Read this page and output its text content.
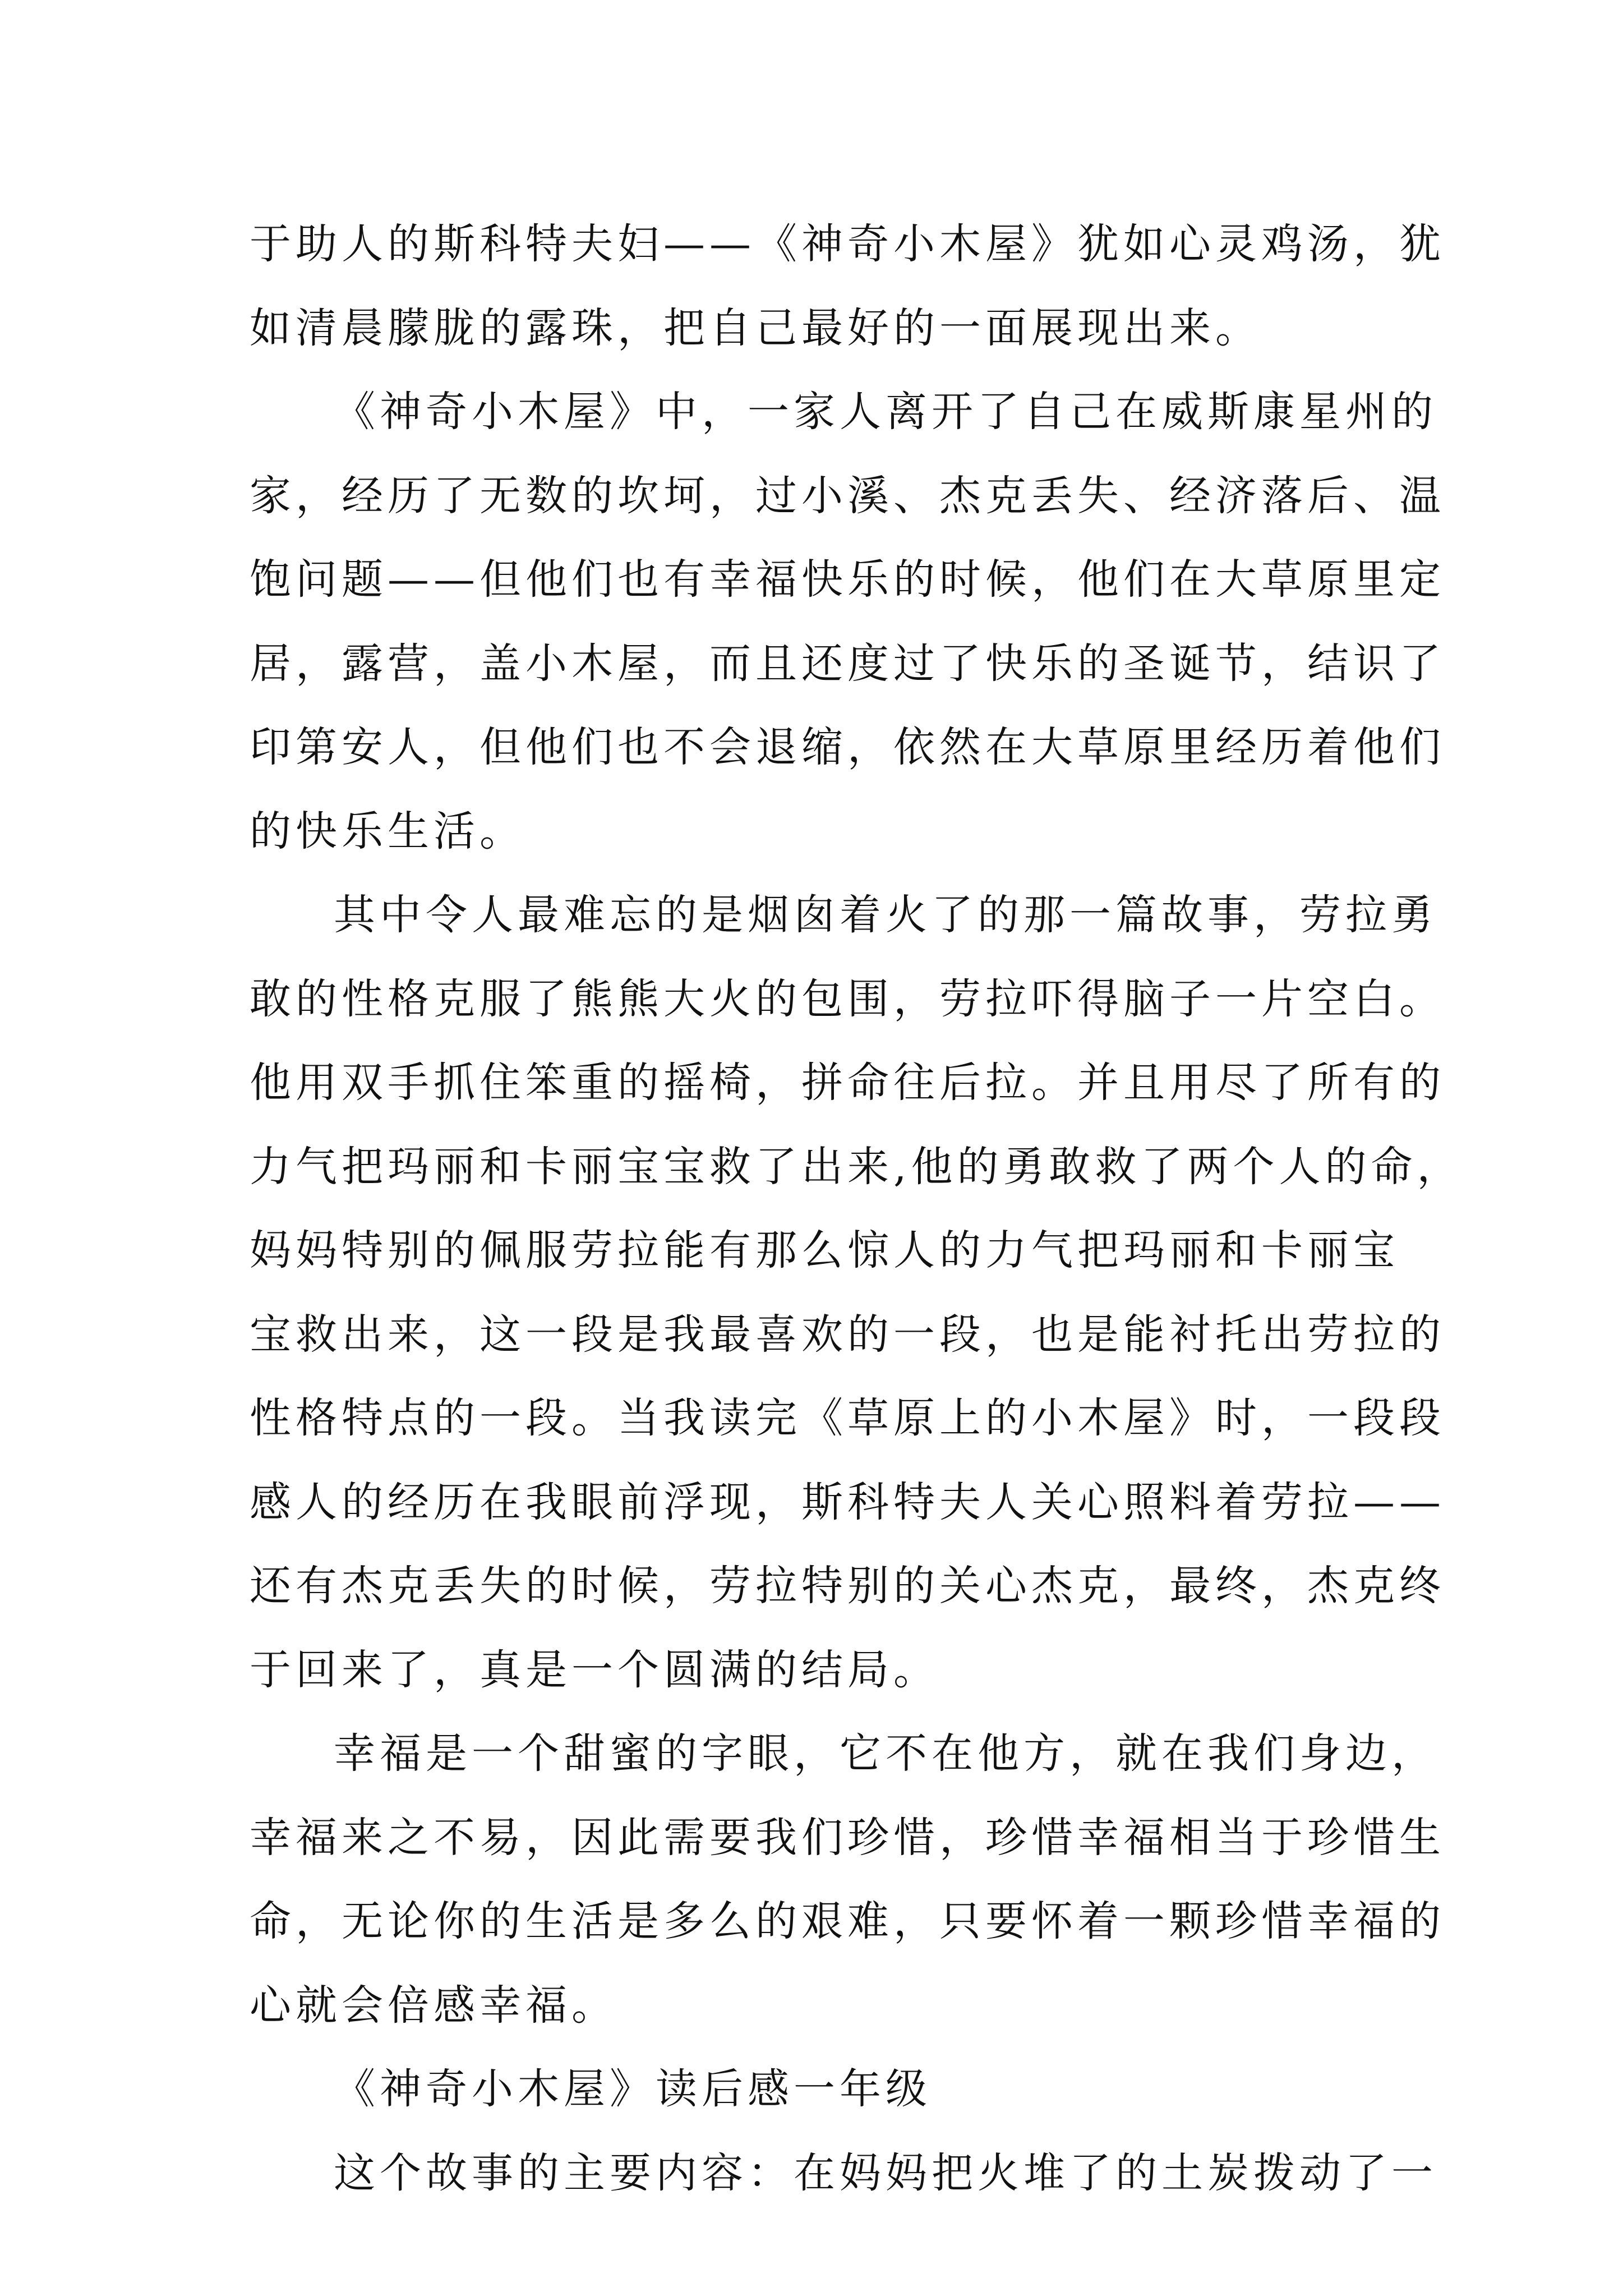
于助人的斯科特夫妇——《神奇小木屋》犹如心灵鸡汤，犹
如清晨朦胧的露珠，把自己最好的一面展现出来。
《神奇小木屋》中，一家人离开了自己在威斯康星州的
家，经历了无数的坎坷，过小溪、杰克丢失、经济落后、温
饱问题——但他们也有幸福快乐的时候，他们在大草原里定
居，露营，盖小木屋，而且还度过了快乐的圣诞节，结识了
印第安人，但他们也不会退缩，依然在大草原里经历着他们
的快乐生活。
其中令人最难忘的是烟囱着火了的那一篇故事，劳拉勇
敢的性格克服了熊熊大火的包围，劳拉吓得脑子一片空白。
他用双手抓住笨重的摇椅，拼命往后拉。并且用尽了所有的
力气把玛丽和卡丽宝宝救了出来,他的勇敢救了两个人的命，
妈妈特别的佩服劳拉能有那么惊人的力气把玛丽和卡丽宝
宝救出来，这一段是我最喜欢的一段，也是能衬托出劳拉的
性格特点的一段。当我读完《草原上的小木屋》时，一段段
感人的经历在我眼前浮现，斯科特夫人关心照料着劳拉——
还有杰克丢失的时候，劳拉特别的关心杰克，最终，杰克终
于回来了，真是一个圆满的结局。
幸福是一个甜蜜的字眼，它不在他方，就在我们身边，
幸福来之不易，因此需要我们珍惜，珍惜幸福相当于珍惜生
命，无论你的生活是多么的艰难，只要怀着一颗珍惜幸福的
心就会倍感幸福。
《神奇小木屋》读后感一年级
这个故事的主要内容：在妈妈把火堆了的土炭拨动了一
